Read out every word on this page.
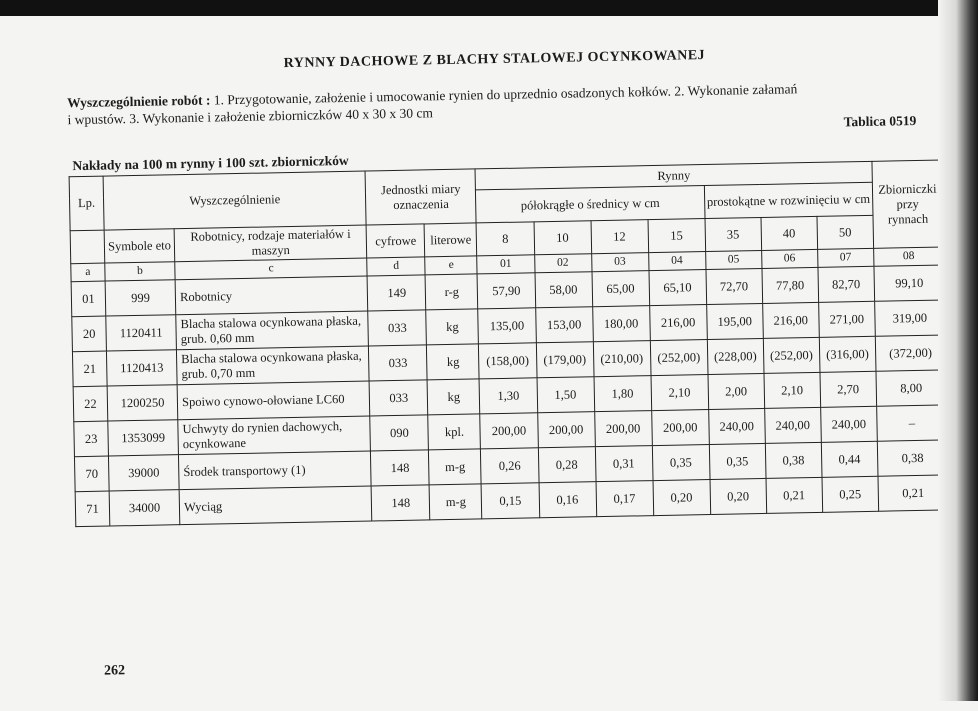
RYNNY DACHOWE Z BLACHY STALOWEJ OCYNKOWANEJ
Wyszczególnienie robót : 1. Przygotowanie, założenie i umocowanie rynien do uprzednio osadzonych kołków. 2. Wykonanie załamań
i wpustów. 3. Wykonanie i założenie zbiorniczków 40 x 30 x 30 cm	Tablica 0519
Nakłady na 100 m rynny i 100 szt. zbiorniczków
Lp.	Wyszczególnienie		Jednostki miary oznaczenia		Rynny							Zbiorniczki przy rynnach
					półokrągłe o średnicy w cm				prostokątne w rozwinięciu w cm			
	Symbole eto	Robotnicy, rodzaje materiałów i maszyn	cyfrowe	literowe	8	10	12	15	35	40	50	
a	b	c	d	e	01	02	03	04	05	06	07	08
01	999	Robotnicy	149	r-g	57,90	58,00	65,00	65,10	72,70	77,80	82,70	99,10
20	1120411	Blacha stalowa ocynkowana płaska, grub. 0,60 mm	033	kg	135,00	153,00	180,00	216,00	195,00	216,00	271,00	319,00
21	1120413	Blacha stalowa ocynkowana płaska, grub. 0,70 mm	033	kg	(158,00)	(179,00)	(210,00)	(252,00)	(228,00)	(252,00)	(316,00)	(372,00)
22	1200250	Spoiwo cynowo-ołowiane LC60	033	kg	1,30	1,50	1,80	2,10	2,00	2,10	2,70	8,00
23	1353099	Uchwyty do rynien dachowych, ocynkowane	090	kpl.	200,00	200,00	200,00	200,00	240,00	240,00	240,00	–
70	39000	Środek transportowy (1)	148	m-g	0,26	0,28	0,31	0,35	0,35	0,38	0,44	0,38
71	34000	Wyciąg	148	m-g	0,15	0,16	0,17	0,20	0,20	0,21	0,25	0,21
262
